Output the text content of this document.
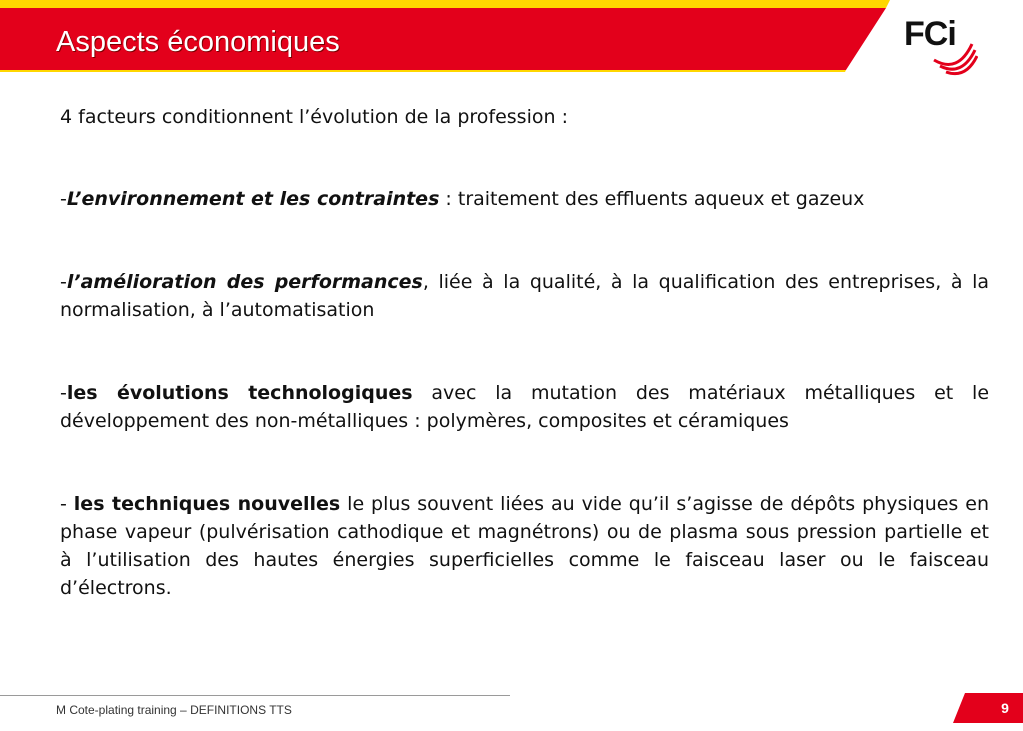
Aspects économiques	FCi

4 facteurs conditionnent l’évolution de la profession :

-L’environnement et les contraintes : traitement des effluents aqueux et gazeux

-l’amélioration des performances, liée à la qualité, à la qualification des entreprises, à la normalisation, à l’automatisation

-les évolutions technologiques avec la mutation des matériaux métalliques et le développement des non-métalliques : polymères, composites et céramiques

- les techniques nouvelles le plus souvent liées au vide qu’il s’agisse de dépôts physiques en phase vapeur (pulvérisation cathodique et magnétrons) ou de plasma sous pression partielle et à l’utilisation des hautes énergies superficielles comme le faisceau laser ou le faisceau d’électrons.

M Cote-plating training – DEFINITIONS TTS	9
